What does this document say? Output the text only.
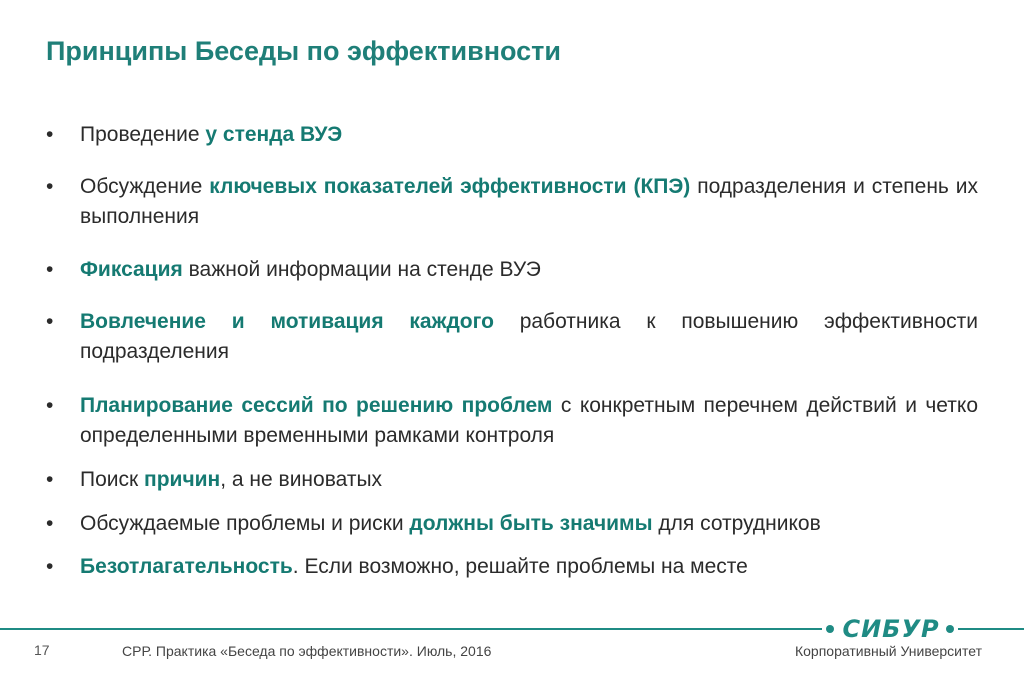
Принципы Беседы по эффективности
•	Проведение у стенда ВУЭ
•	Обсуждение ключевых показателей эффективности (КПЭ) подразделения и степень их выполнения
•	Фиксация важной информации на стенде ВУЭ
•	Вовлечение и мотивация каждого работника к повышению эффективности подразделения
•	Планирование сессий по решению проблем с конкретным перечнем действий и четко определенными временными рамками контроля
•	Поиск причин, а не виноватых
•	Обсуждаемые проблемы и риски должны быть значимы для сотрудников
•	Безотлагательность. Если возможно, решайте проблемы на месте
СИБУР
17	СРР. Практика «Беседа по эффективности». Июль, 2016	Корпоративный Университет
